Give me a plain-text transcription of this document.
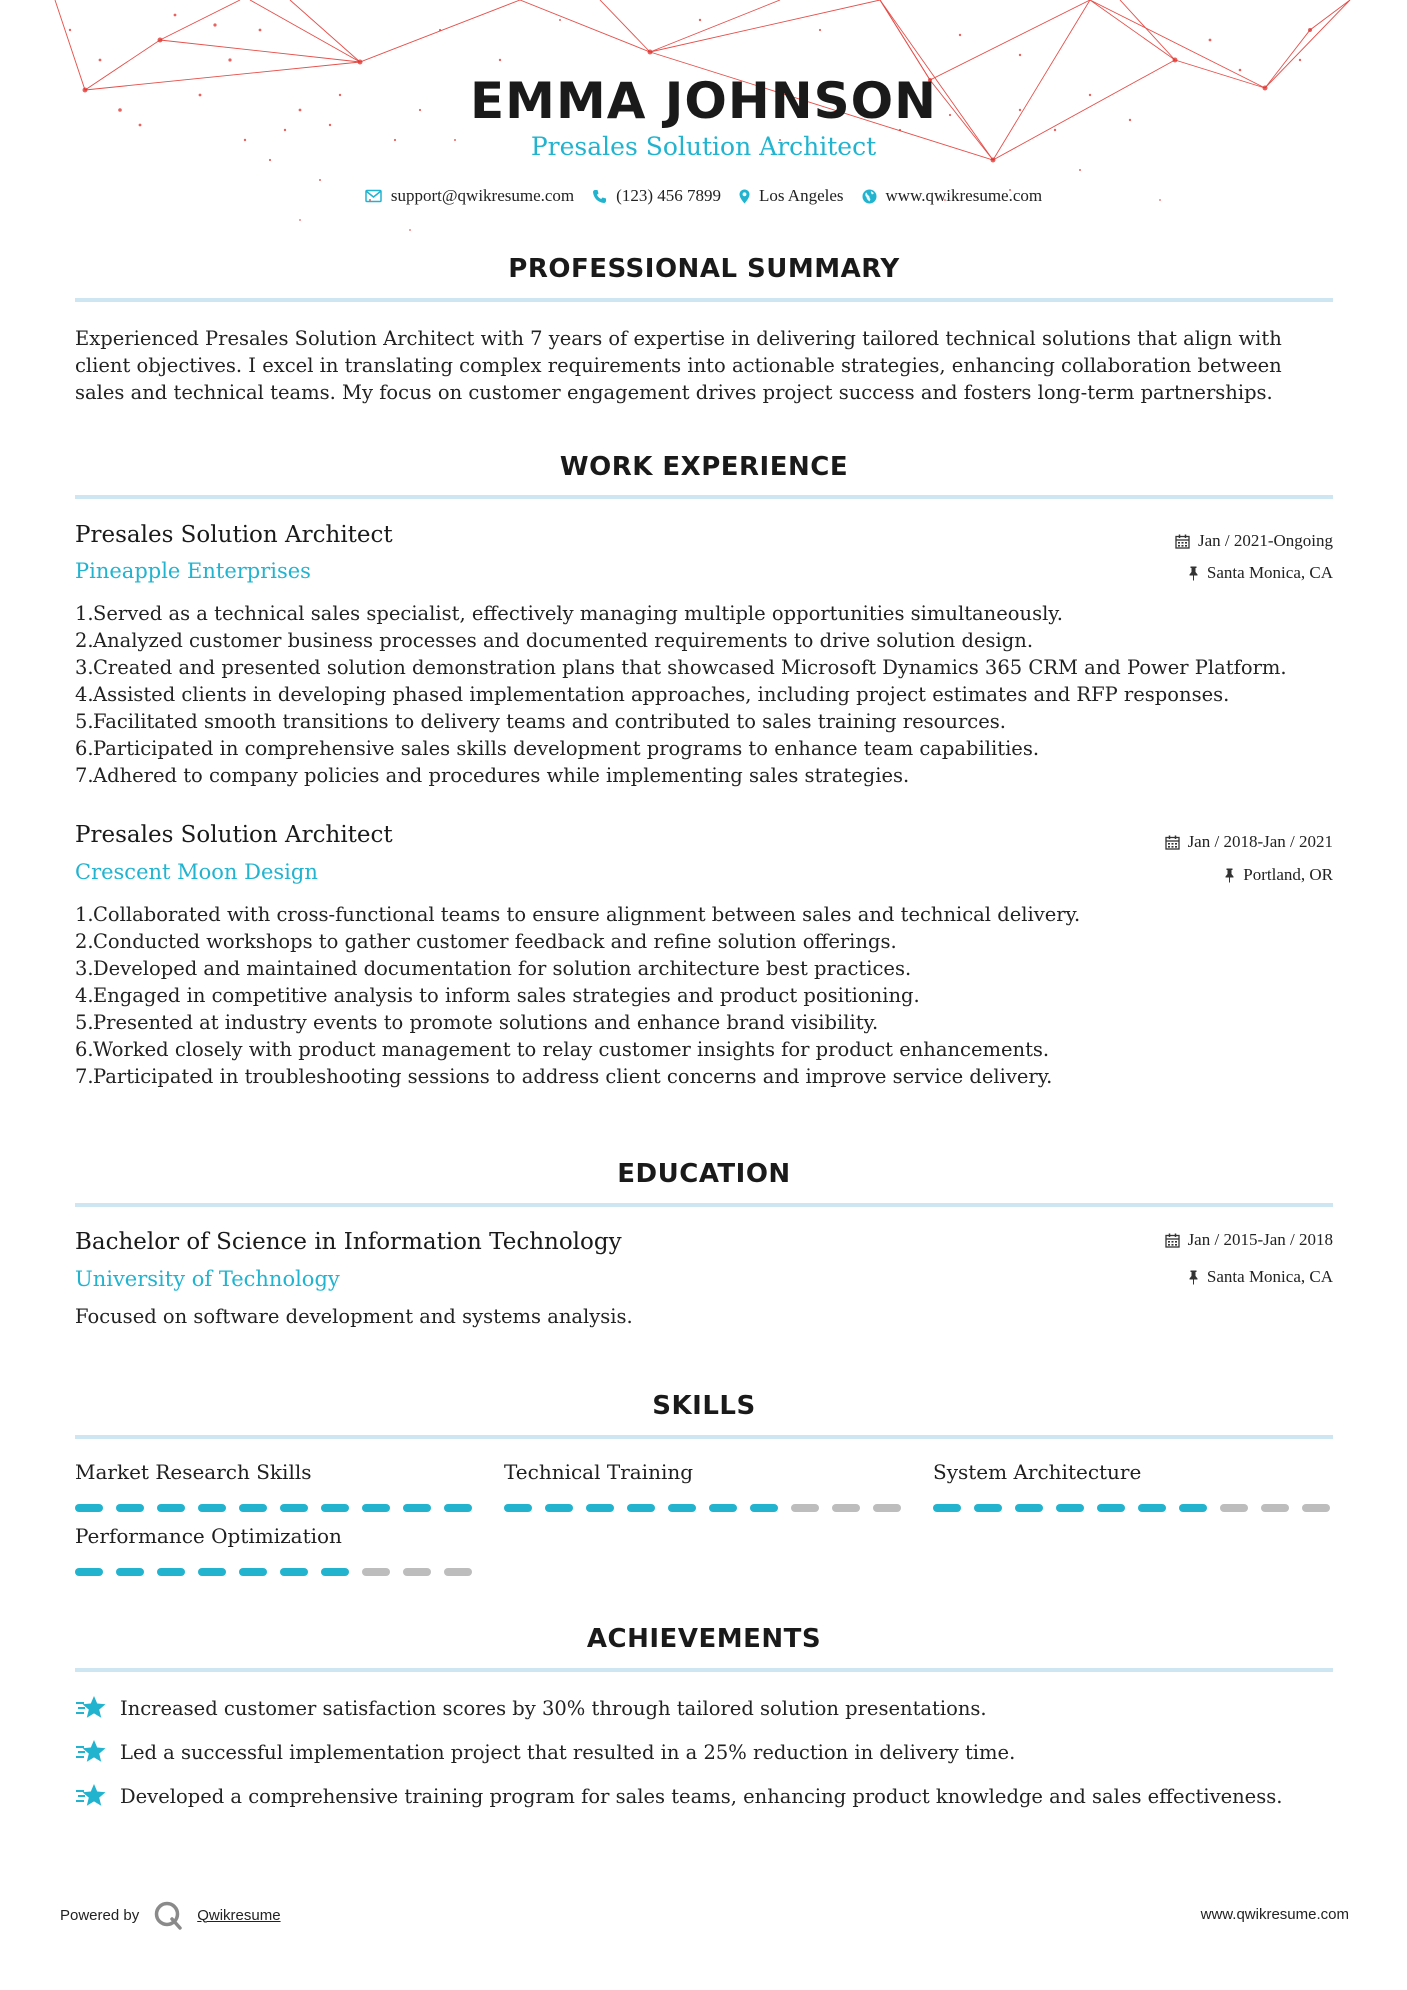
EMMA JOHNSON
Presales Solution Architect
support@qwikresume.com (123) 456 7899 Los Angeles www.qwikresume.com
PROFESSIONAL SUMMARY
Experienced Presales Solution Architect with 7 years of expertise in delivering tailored technical solutions that align with client objectives. I excel in translating complex requirements into actionable strategies, enhancing collaboration between sales and technical teams. My focus on customer engagement drives project success and fosters long-term partnerships.
WORK EXPERIENCE
Presales Solution Architect
Pineapple Enterprises
Jan / 2021-Ongoing
Santa Monica, CA
1. Served as a technical sales specialist, effectively managing multiple opportunities simultaneously.
2. Analyzed customer business processes and documented requirements to drive solution design.
3. Created and presented solution demonstration plans that showcased Microsoft Dynamics 365 CRM and Power Platform.
4. Assisted clients in developing phased implementation approaches, including project estimates and RFP responses.
5. Facilitated smooth transitions to delivery teams and contributed to sales training resources.
6. Participated in comprehensive sales skills development programs to enhance team capabilities.
7. Adhered to company policies and procedures while implementing sales strategies.
Presales Solution Architect
Crescent Moon Design
Jan / 2018-Jan / 2021
Portland, OR
1. Collaborated with cross-functional teams to ensure alignment between sales and technical delivery.
2. Conducted workshops to gather customer feedback and refine solution offerings.
3. Developed and maintained documentation for solution architecture best practices.
4. Engaged in competitive analysis to inform sales strategies and product positioning.
5. Presented at industry events to promote solutions and enhance brand visibility.
6. Worked closely with product management to relay customer insights for product enhancements.
7. Participated in troubleshooting sessions to address client concerns and improve service delivery.
EDUCATION
Bachelor of Science in Information Technology
University of Technology
Jan / 2015-Jan / 2018
Santa Monica, CA
Focused on software development and systems analysis.
SKILLS
Market Research Skills	Technical Training	System Architecture
Performance Optimization
ACHIEVEMENTS
Increased customer satisfaction scores by 30% through tailored solution presentations.
Led a successful implementation project that resulted in a 25% reduction in delivery time.
Developed a comprehensive training program for sales teams, enhancing product knowledge and sales effectiveness.
Powered by	Qwikresume	www.qwikresume.com
